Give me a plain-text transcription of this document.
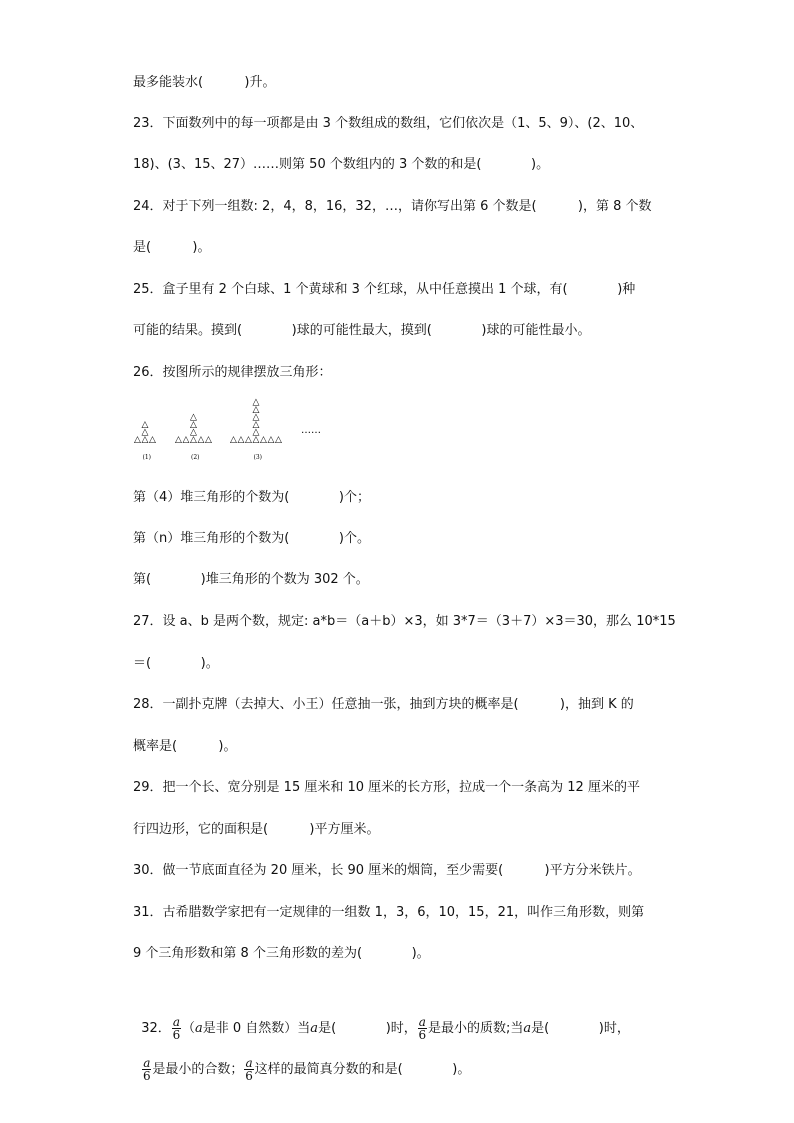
最多能装水(          )升。
23．下面数列中的每一项都是由 3 个数组成的数组，它们依次是（1、5、9）、(2、10、
18)、(3、15、27）……则第 50 个数组内的 3 个数的和是(            )。
24．对于下列一组数: 2，4，8，16，32，…，请你写出第 6 个数是(          )，第 8 个数
是(          )。
25．盒子里有 2 个白球、1 个黄球和 3 个红球，从中任意摸出 1 个球，有(            )种
可能的结果。摸到(            )球的可能性最大，摸到(            )球的可能性最小。
26．按图所示的规律摆放三角形：
△ △ △
△
△
(1)
△ △ △ △ △
△
△
△
(2)
△ △ △ △ △ △ △
△
△
△
△
△
(3)
……
第（4）堆三角形的个数为(            )个；
第（n）堆三角形的个数为(            )个。
第(            )堆三角形的个数为 302 个。
27．设 a、b 是两个数，规定: a*b＝（a＋b）×3，如 3*7＝（3＋7）×3＝30，那么 10*15
＝(            )。
28．一副扑克牌（去掉大、小王）任意抽一张，抽到方块的概率是(          )，抽到 K 的
概率是(          )。
29．把一个长、宽分别是 15 厘米和 10 厘米的长方形，拉成一个一条高为 12 厘米的平
行四边形，它的面积是(          )平方厘米。
30．做一节底面直径为 20 厘米，长 90 厘米的烟筒，至少需要(          )平方分米铁片。
31．古希腊数学家把有一定规律的一组数 1，3，6，10，15，21，叫作三角形数，则第
9 个三角形数和第 8 个三角形数的差为(            )。

32． $\frac{a}{6} (a$是非 0 自然数）当a是(            )时， $\frac{a}{6}$ 是最小的质数;当a是(            )时，

$\frac{a}{6}$ 是最小的合数； $\frac{a}{6}$ 这样的最简真分数的和是(            )。
